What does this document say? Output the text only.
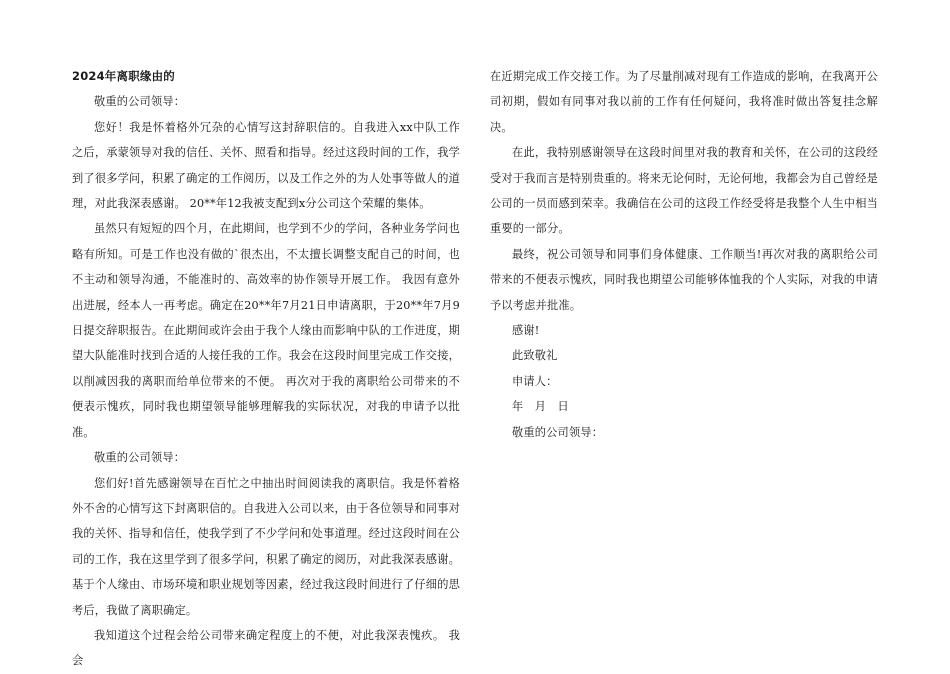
2024年离职缘由的

敬重的公司领导：

您好！我是怀着格外冗杂的心情写这封辞职信的。自我进入xx中队工作之后，承蒙领导对我的信任、关怀、照看和指导。经过这段时间的工作，我学到了很多学问，积累了确定的工作阅历，以及工作之外的为人处事等做人的道理，对此我深表感谢。 20**年12我被支配到x分公司这个荣耀的集体。

虽然只有短短的四个月，在此期间，也学到不少的学问，各种业务学问也略有所知。可是工作也没有做的`很杰出，不太擅长调整支配自己的时间，也不主动和领导沟通，不能准时的、高效率的协作领导开展工作。 我因有意外出进展，经本人一再考虑。确定在20**年7月21日申请离职，于20**年7月9日提交辞职报告。在此期间或许会由于我个人缘由而影响中队的工作进度，期望大队能准时找到合适的人接任我的工作。我会在这段时间里完成工作交接，以削减因我的离职而给单位带来的不便。 再次对于我的离职给公司带来的不便表示愧疚，同时我也期望领导能够理解我的实际状况，对我的申请予以批准。

敬重的公司领导：

您们好!首先感谢领导在百忙之中抽出时间阅读我的离职信。我是怀着格外不舍的心情写这下封离职信的。自我进入公司以来，由于各位领导和同事对我的关怀、指导和信任，使我学到了不少学问和处事道理。经过这段时间在公司的工作，我在这里学到了很多学问，积累了确定的阅历，对此我深表感谢。 基于个人缘由、市场环境和职业规划等因素，经过我这段时间进行了仔细的思考后，我做了离职确定。

我知道这个过程会给公司带来确定程度上的不便，对此我深表愧疚。 我会

在近期完成工作交接工作。为了尽量削减对现有工作造成的影响，在我离开公司初期，假如有同事对我以前的工作有任何疑问，我将准时做出答复挂念解决。

在此，我特别感谢领导在这段时间里对我的教育和关怀，在公司的这段经受对于我而言是特别贵重的。将来无论何时，无论何地，我都会为自己曾经是公司的一员而感到荣幸。我确信在公司的这段工作经受将是我整个人生中相当重要的一部分。

最终，祝公司领导和同事们身体健康、工作顺当!再次对我的离职给公司带来的不便表示愧疚，同时我也期望公司能够体恤我的个人实际，对我的申请予以考虑并批准。

感谢!

此致敬礼

申请人：

年　月　日

敬重的公司领导：
